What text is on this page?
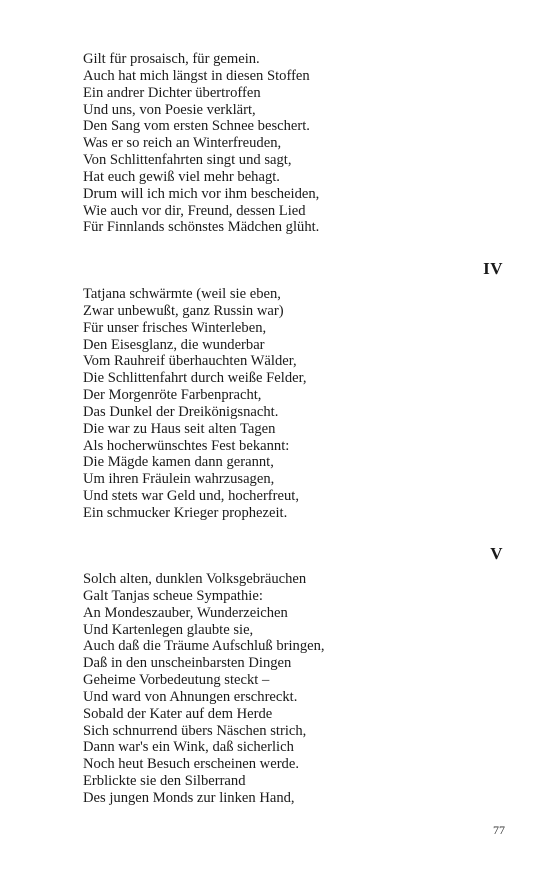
Gilt für prosaisch, für gemein.
Auch hat mich längst in diesen Stoffen
Ein andrer Dichter übertroffen
Und uns, von Poesie verklärt,
Den Sang vom ersten Schnee beschert.
Was er so reich an Winterfreuden,
Von Schlittenfahrten singt und sagt,
Hat euch gewiß viel mehr behagt.
Drum will ich mich vor ihm bescheiden,
Wie auch vor dir, Freund, dessen Lied
Für Finnlands schönstes Mädchen glüht.
IV
Tatjana schwärmte (weil sie eben,
Zwar unbewußt, ganz Russin war)
Für unser frisches Winterleben,
Den Eisesglanz, die wunderbar
Vom Rauhreif überhauchten Wälder,
Die Schlittenfahrt durch weiße Felder,
Der Morgenröte Farbenpracht,
Das Dunkel der Dreikönigsnacht.
Die war zu Haus seit alten Tagen
Als hocherwünschtes Fest bekannt:
Die Mägde kamen dann gerannt,
Um ihren Fräulein wahrzusagen,
Und stets war Geld und, hocherfreut,
Ein schmucker Krieger prophezeit.
V
Solch alten, dunklen Volksgebräuchen
Galt Tanjas scheue Sympathie:
An Mondeszauber, Wunderzeichen
Und Kartenlegen glaubte sie,
Auch daß die Träume Aufschluß bringen,
Daß in den unscheinbarsten Dingen
Geheime Vorbedeutung steckt –
Und ward von Ahnungen erschreckt.
Sobald der Kater auf dem Herde
Sich schnurrend übers Näschen strich,
Dann war's ein Wink, daß sicherlich
Noch heut Besuch erscheinen werde.
Erblickte sie den Silberrand
Des jungen Monds zur linken Hand,
77
